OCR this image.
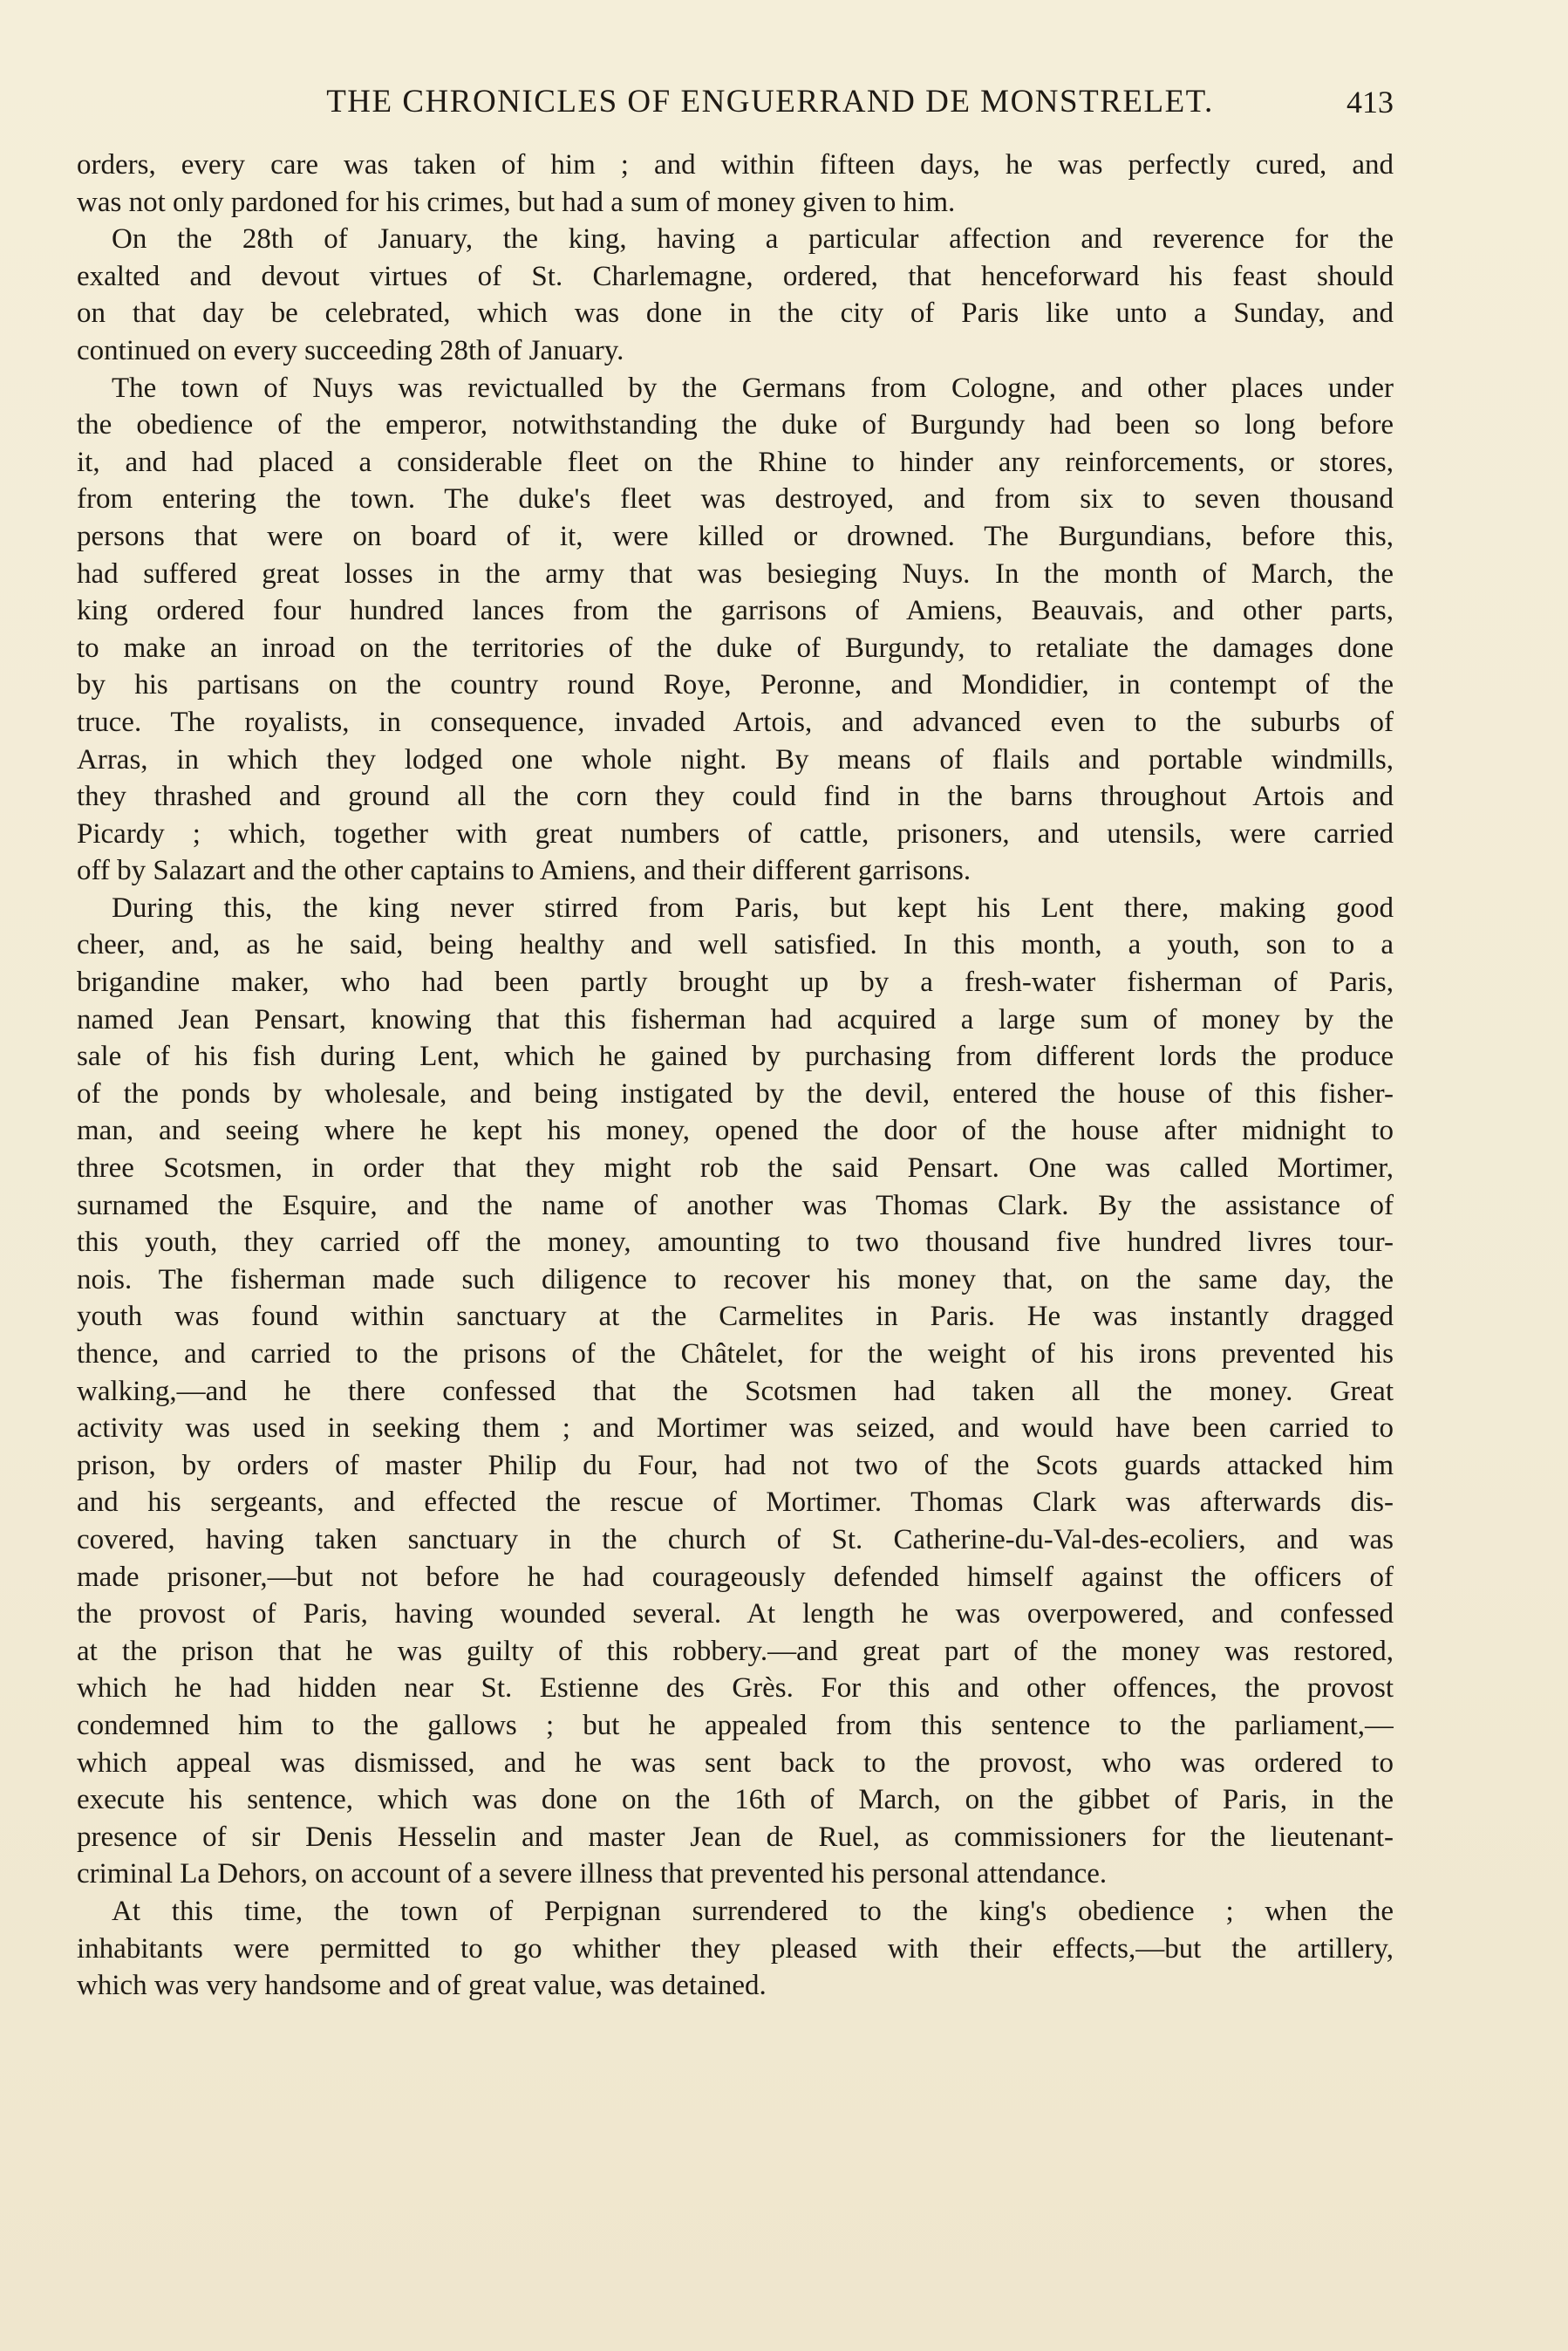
THE CHRONICLES OF ENGUERRAND DE MONSTRELET.	413
orders, every care was taken of him ; and within fifteen days, he was perfectly cured, and
was not only pardoned for his crimes, but had a sum of money given to him.
On the 28th of January, the king, having a particular affection and reverence for the
exalted and devout virtues of St. Charlemagne, ordered, that henceforward his feast should
on that day be celebrated, which was done in the city of Paris like unto a Sunday, and
continued on every succeeding 28th of January.
The town of Nuys was revictualled by the Germans from Cologne, and other places under
the obedience of the emperor, notwithstanding the duke of Burgundy had been so long before
it, and had placed a considerable fleet on the Rhine to hinder any reinforcements, or stores,
from entering the town. The duke's fleet was destroyed, and from six to seven thousand
persons that were on board of it, were killed or drowned. The Burgundians, before this,
had suffered great losses in the army that was besieging Nuys. In the month of March, the
king ordered four hundred lances from the garrisons of Amiens, Beauvais, and other parts,
to make an inroad on the territories of the duke of Burgundy, to retaliate the damages done
by his partisans on the country round Roye, Peronne, and Mondidier, in contempt of the
truce. The royalists, in consequence, invaded Artois, and advanced even to the suburbs of
Arras, in which they lodged one whole night. By means of flails and portable windmills,
they thrashed and ground all the corn they could find in the barns throughout Artois and
Picardy ; which, together with great numbers of cattle, prisoners, and utensils, were carried
off by Salazart and the other captains to Amiens, and their different garrisons.
During this, the king never stirred from Paris, but kept his Lent there, making good
cheer, and, as he said, being healthy and well satisfied. In this month, a youth, son to a
brigandine maker, who had been partly brought up by a fresh-water fisherman of Paris,
named Jean Pensart, knowing that this fisherman had acquired a large sum of money by the
sale of his fish during Lent, which he gained by purchasing from different lords the produce
of the ponds by wholesale, and being instigated by the devil, entered the house of this fisher-
man, and seeing where he kept his money, opened the door of the house after midnight to
three Scotsmen, in order that they might rob the said Pensart. One was called Mortimer,
surnamed the Esquire, and the name of another was Thomas Clark. By the assistance of
this youth, they carried off the money, amounting to two thousand five hundred livres tour-
nois. The fisherman made such diligence to recover his money that, on the same day, the
youth was found within sanctuary at the Carmelites in Paris. He was instantly dragged
thence, and carried to the prisons of the Châtelet, for the weight of his irons prevented his
walking,—and he there confessed that the Scotsmen had taken all the money. Great
activity was used in seeking them ; and Mortimer was seized, and would have been carried to
prison, by orders of master Philip du Four, had not two of the Scots guards attacked him
and his sergeants, and effected the rescue of Mortimer. Thomas Clark was afterwards dis-
covered, having taken sanctuary in the church of St. Catherine-du-Val-des-ecoliers, and was
made prisoner,—but not before he had courageously defended himself against the officers of
the provost of Paris, having wounded several. At length he was overpowered, and confessed
at the prison that he was guilty of this robbery.—and great part of the money was restored,
which he had hidden near St. Estienne des Grès. For this and other offences, the provost
condemned him to the gallows ; but he appealed from this sentence to the parliament,—
which appeal was dismissed, and he was sent back to the provost, who was ordered to
execute his sentence, which was done on the 16th of March, on the gibbet of Paris, in the
presence of sir Denis Hesselin and master Jean de Ruel, as commissioners for the lieutenant-
criminal La Dehors, on account of a severe illness that prevented his personal attendance.
At this time, the town of Perpignan surrendered to the king's obedience ; when the
inhabitants were permitted to go whither they pleased with their effects,—but the artillery,
which was very handsome and of great value, was detained.
